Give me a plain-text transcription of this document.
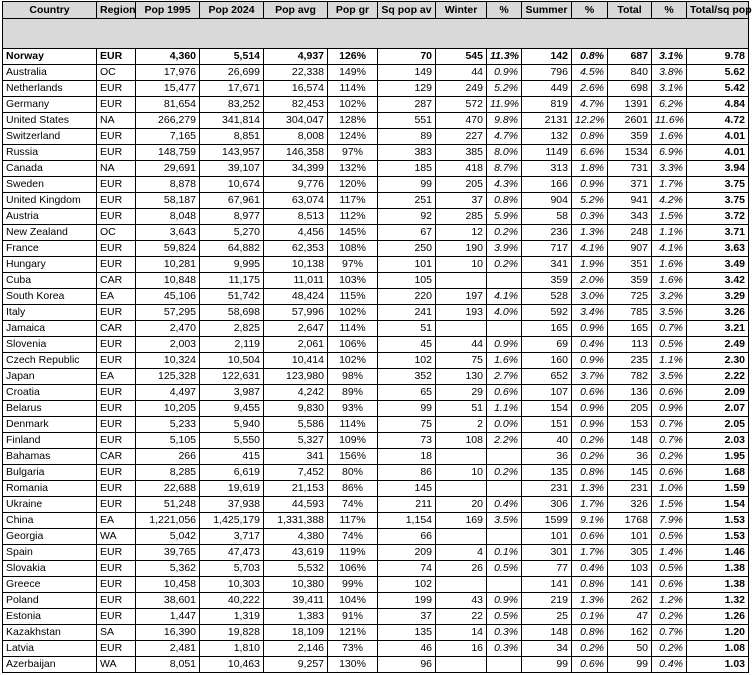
Country	Region	Pop 1995	Pop 2024	Pop avg	Pop gr	Sq pop av	Winter	%	Summer	%	Total	%	Total/sq pop

Norway	EUR	4,360	5,514	4,937	126%	70	545	11.3%	142	0.8%	687	3.1%	9.78
Australia	OC	17,976	26,699	22,338	149%	149	44	0.9%	796	4.5%	840	3.8%	5.62
Netherlands	EUR	15,477	17,671	16,574	114%	129	249	5.2%	449	2.6%	698	3.1%	5.42
Germany	EUR	81,654	83,252	82,453	102%	287	572	11.9%	819	4.7%	1391	6.2%	4.84
United States	NA	266,279	341,814	304,047	128%	551	470	9.8%	2131	12.2%	2601	11.6%	4.72
Switzerland	EUR	7,165	8,851	8,008	124%	89	227	4.7%	132	0.8%	359	1.6%	4.01
Russia	EUR	148,759	143,957	146,358	97%	383	385	8.0%	1149	6.6%	1534	6.9%	4.01
Canada	NA	29,691	39,107	34,399	132%	185	418	8.7%	313	1.8%	731	3.3%	3.94
Sweden	EUR	8,878	10,674	9,776	120%	99	205	4.3%	166	0.9%	371	1.7%	3.75
United Kingdom	EUR	58,187	67,961	63,074	117%	251	37	0.8%	904	5.2%	941	4.2%	3.75
Austria	EUR	8,048	8,977	8,513	112%	92	285	5.9%	58	0.3%	343	1.5%	3.72
New Zealand	OC	3,643	5,270	4,456	145%	67	12	0.2%	236	1.3%	248	1.1%	3.71
France	EUR	59,824	64,882	62,353	108%	250	190	3.9%	717	4.1%	907	4.1%	3.63
Hungary	EUR	10,281	9,995	10,138	97%	101	10	0.2%	341	1.9%	351	1.6%	3.49
Cuba	CAR	10,848	11,175	11,011	103%	105			359	2.0%	359	1.6%	3.42
South Korea	EA	45,106	51,742	48,424	115%	220	197	4.1%	528	3.0%	725	3.2%	3.29
Italy	EUR	57,295	58,698	57,996	102%	241	193	4.0%	592	3.4%	785	3.5%	3.26
Jamaica	CAR	2,470	2,825	2,647	114%	51			165	0.9%	165	0.7%	3.21
Slovenia	EUR	2,003	2,119	2,061	106%	45	44	0.9%	69	0.4%	113	0.5%	2.49
Czech Republic	EUR	10,324	10,504	10,414	102%	102	75	1.6%	160	0.9%	235	1.1%	2.30
Japan	EA	125,328	122,631	123,980	98%	352	130	2.7%	652	3.7%	782	3.5%	2.22
Croatia	EUR	4,497	3,987	4,242	89%	65	29	0.6%	107	0.6%	136	0.6%	2.09
Belarus	EUR	10,205	9,455	9,830	93%	99	51	1.1%	154	0.9%	205	0.9%	2.07
Denmark	EUR	5,233	5,940	5,586	114%	75	2	0.0%	151	0.9%	153	0.7%	2.05
Finland	EUR	5,105	5,550	5,327	109%	73	108	2.2%	40	0.2%	148	0.7%	2.03
Bahamas	CAR	266	415	341	156%	18			36	0.2%	36	0.2%	1.95
Bulgaria	EUR	8,285	6,619	7,452	80%	86	10	0.2%	135	0.8%	145	0.6%	1.68
Romania	EUR	22,688	19,619	21,153	86%	145			231	1.3%	231	1.0%	1.59
Ukraine	EUR	51,248	37,938	44,593	74%	211	20	0.4%	306	1.7%	326	1.5%	1.54
China	EA	1,221,056	1,425,179	1,331,388	117%	1,154	169	3.5%	1599	9.1%	1768	7.9%	1.53
Georgia	WA	5,042	3,717	4,380	74%	66			101	0.6%	101	0.5%	1.53
Spain	EUR	39,765	47,473	43,619	119%	209	4	0.1%	301	1.7%	305	1.4%	1.46
Slovakia	EUR	5,362	5,703	5,532	106%	74	26	0.5%	77	0.4%	103	0.5%	1.38
Greece	EUR	10,458	10,303	10,380	99%	102			141	0.8%	141	0.6%	1.38
Poland	EUR	38,601	40,222	39,411	104%	199	43	0.9%	219	1.3%	262	1.2%	1.32
Estonia	EUR	1,447	1,319	1,383	91%	37	22	0.5%	25	0.1%	47	0.2%	1.26
Kazakhstan	SA	16,390	19,828	18,109	121%	135	14	0.3%	148	0.8%	162	0.7%	1.20
Latvia	EUR	2,481	1,810	2,146	73%	46	16	0.3%	34	0.2%	50	0.2%	1.08
Azerbaijan	WA	8,051	10,463	9,257	130%	96			99	0.6%	99	0.4%	1.03
